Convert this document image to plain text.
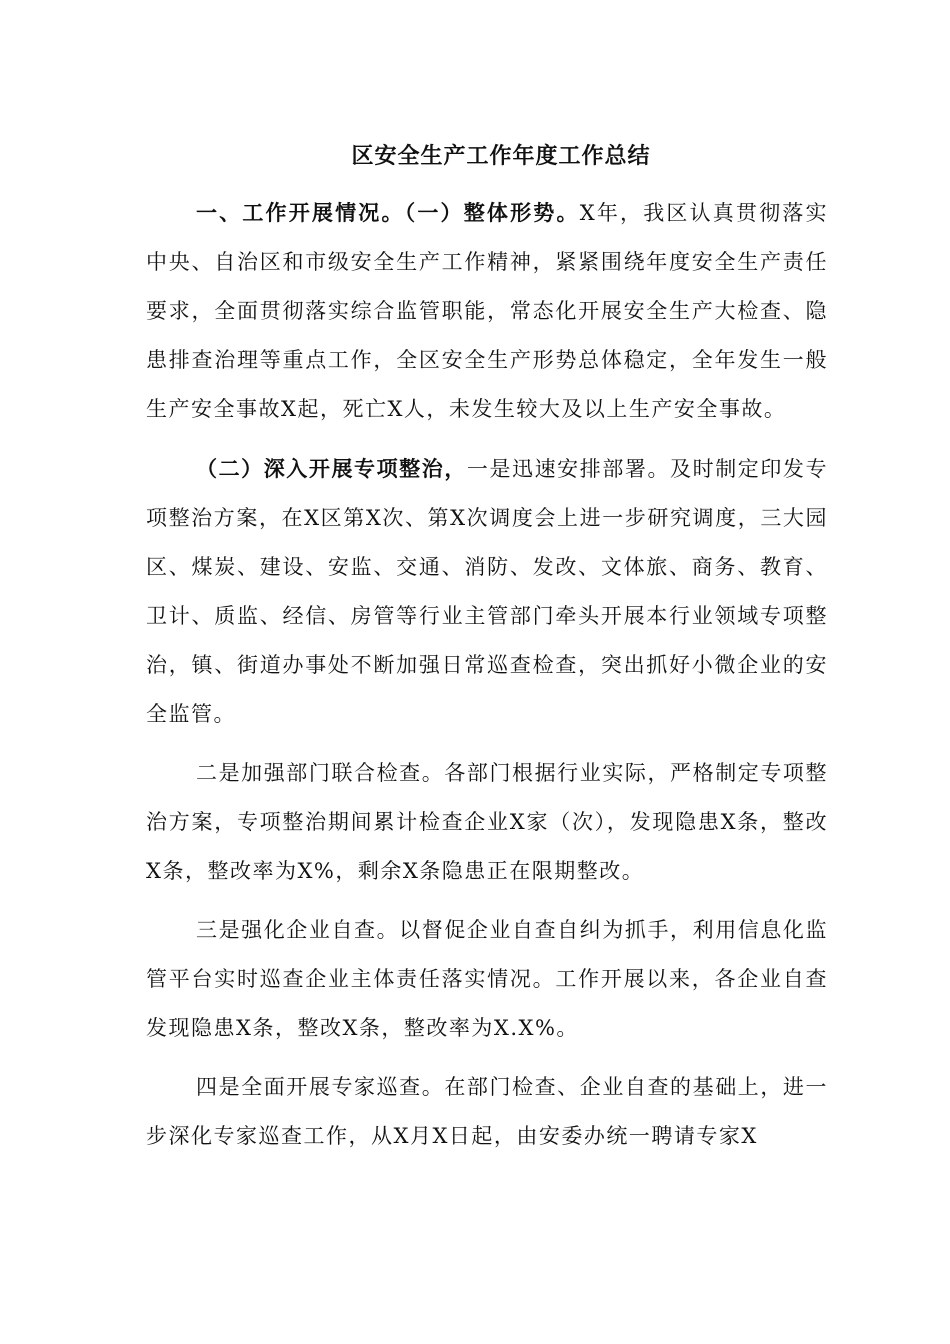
区安全生产工作年度工作总结

一、工作开展情况。（一）整体形势。X年，我区认真贯彻落实中央、自治区和市级安全生产工作精神，紧紧围绕年度安全生产责任要求，全面贯彻落实综合监管职能，常态化开展安全生产大检查、隐患排查治理等重点工作，全区安全生产形势总体稳定，全年发生一般生产安全事故X起，死亡X人，未发生较大及以上生产安全事故。

（二）深入开展专项整治，一是迅速安排部署。及时制定印发专项整治方案，在X区第X次、第X次调度会上进一步研究调度，三大园区、煤炭、建设、安监、交通、消防、发改、文体旅、商务、教育、卫计、质监、经信、房管等行业主管部门牵头开展本行业领域专项整治，镇、街道办事处不断加强日常巡查检查，突出抓好小微企业的安全监管。

二是加强部门联合检查。各部门根据行业实际，严格制定专项整治方案，专项整治期间累计检查企业X家（次），发现隐患X条，整改X条，整改率为X%，剩余X条隐患正在限期整改。

三是强化企业自查。以督促企业自查自纠为抓手，利用信息化监管平台实时巡查企业主体责任落实情况。工作开展以来，各企业自查发现隐患X条，整改X条，整改率为X.X%。

四是全面开展专家巡查。在部门检查、企业自查的基础上，进一步深化专家巡查工作，从X月X日起，由安委办统一聘请专家X
